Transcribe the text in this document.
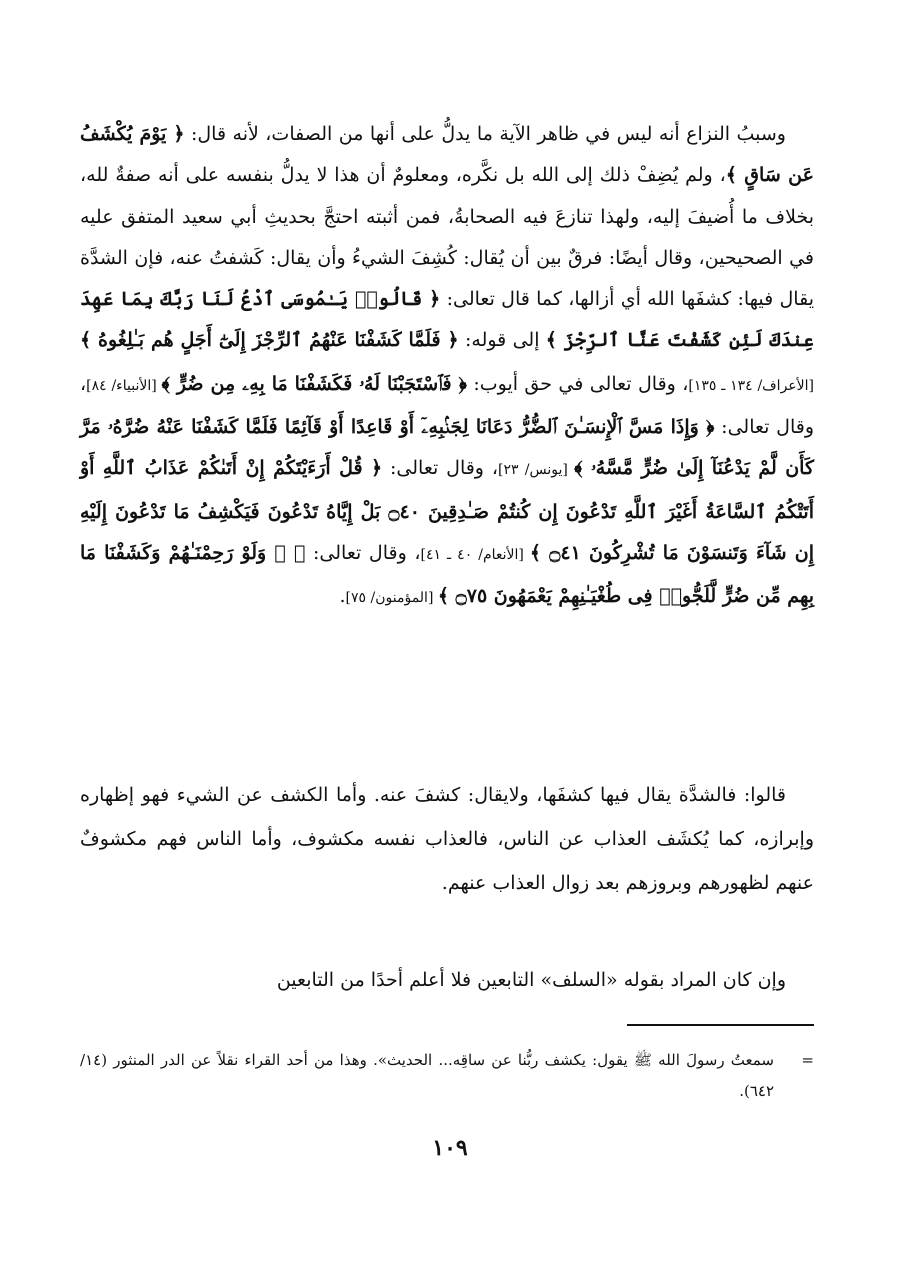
وسببُ النزاع أنه ليس في ظاهر الآية ما يدلُّ على أنها من الصفات، لأنه قال: ﴿ يَوْمَ يُكْشَفُ عَن سَاقٍ ﴾، ولم يُضِفْ ذلك إلى الله بل نكَّره، ومعلومٌ أن هذا لا يدلُّ بنفسه على أنه صفةٌ لله، بخلاف ما أُضيفَ إليه، ولهذا تنازعَ فيه الصحابةُ، فمن أثبته احتجَّ بحديثِ أبي سعيد المتفق عليه في الصحيحين، وقال أيضًا: فرقٌ بين أن يُقال: كُشِفَ الشيءُ وأن يقال: كَشفتُ عنه، فإن الشدَّة يقال فيها: كشفَها الله أي أزالها، كما قال تعالى: ﴿ قَالُوا۟ يَـٰمُوسَى ٱدْعُ لَنَا رَبَّكَ بِمَا عَهِدَ عِندَكَ لَئِن كَشَفْتَ عَنَّا ٱلرِّجْزَ ﴾ إلى قوله: ﴿ فَلَمَّا كَشَفْنَا عَنْهُمُ ٱلرِّجْزَ إِلَىٰٓ أَجَلٍ هُم بَـٰلِغُوهُ ﴾ [الأعراف/ ١٣٤ ـ ١٣٥]، وقال تعالى في حق أيوب: ﴿ فَٱسْتَجَبْنَا لَهُۥ فَكَشَفْنَا مَا بِهِۦ مِن ضُرٍّ ﴾ [الأنبياء/ ٨٤]، وقال تعالى: ﴿ وَإِذَا مَسَّ ٱلْإِنسَـٰنَ ٱلضُّرُّ دَعَانَا لِجَنۢبِهِۦٓ أَوْ قَاعِدًا أَوْ قَآئِمًا فَلَمَّا كَشَفْنَا عَنْهُ ضُرَّهُۥ مَرَّ كَأَن لَّمْ يَدْعُنَآ إِلَىٰ ضُرٍّ مَّسَّهُۥ ﴾ [يونس/ ٢٣]، وقال تعالى: ﴿ قُلْ أَرَءَيْتَكُمْ إِنْ أَتَىٰكُمْ عَذَابُ ٱللَّهِ أَوْ أَتَتْكُمُ ٱلسَّاعَةُ أَغَيْرَ ٱللَّهِ تَدْعُونَ إِن كُنتُمْ صَـٰدِقِينَ ۝٤٠ بَلْ إِيَّاهُ تَدْعُونَ فَيَكْشِفُ مَا تَدْعُونَ إِلَيْهِ إِن شَآءَ وَتَنسَوْنَ مَا تُشْرِكُونَ ۝٤١ ﴾ [الأنعام/ ٤٠ ـ ٤١]، وقال تعالى: ﴿ ۞ وَلَوْ رَحِمْنَـٰهُمْ وَكَشَفْنَا مَا بِهِم مِّن ضُرٍّ لَّلَجُّوا۟ فِى طُغْيَـٰنِهِمْ يَعْمَهُونَ ۝٧٥ ﴾ [المؤمنون/ ٧٥].

قالوا: فالشدَّة يقال فيها كشفَها، ولايقال: كشفَ عنه. وأما الكشف عن الشيء فهو إظهاره وإبرازه، كما يُكشَف العذاب عن الناس، فالعذاب نفسه مكشوف، وأما الناس فهم مكشوفٌ عنهم لظهورهم وبروزهم بعد زوال العذاب عنهم.

وإن كان المراد بقوله «السلف» التابعين فلا أعلم أحدًا من التابعين

=
سمعتُ رسولَ الله ﷺ يقول: يكشف ربُّنا عن ساقِه... الحديث». وهذا من أحد القراء نقلاً عن الدر المنثور (١٤/ ٦٤٢).
١٠٩
